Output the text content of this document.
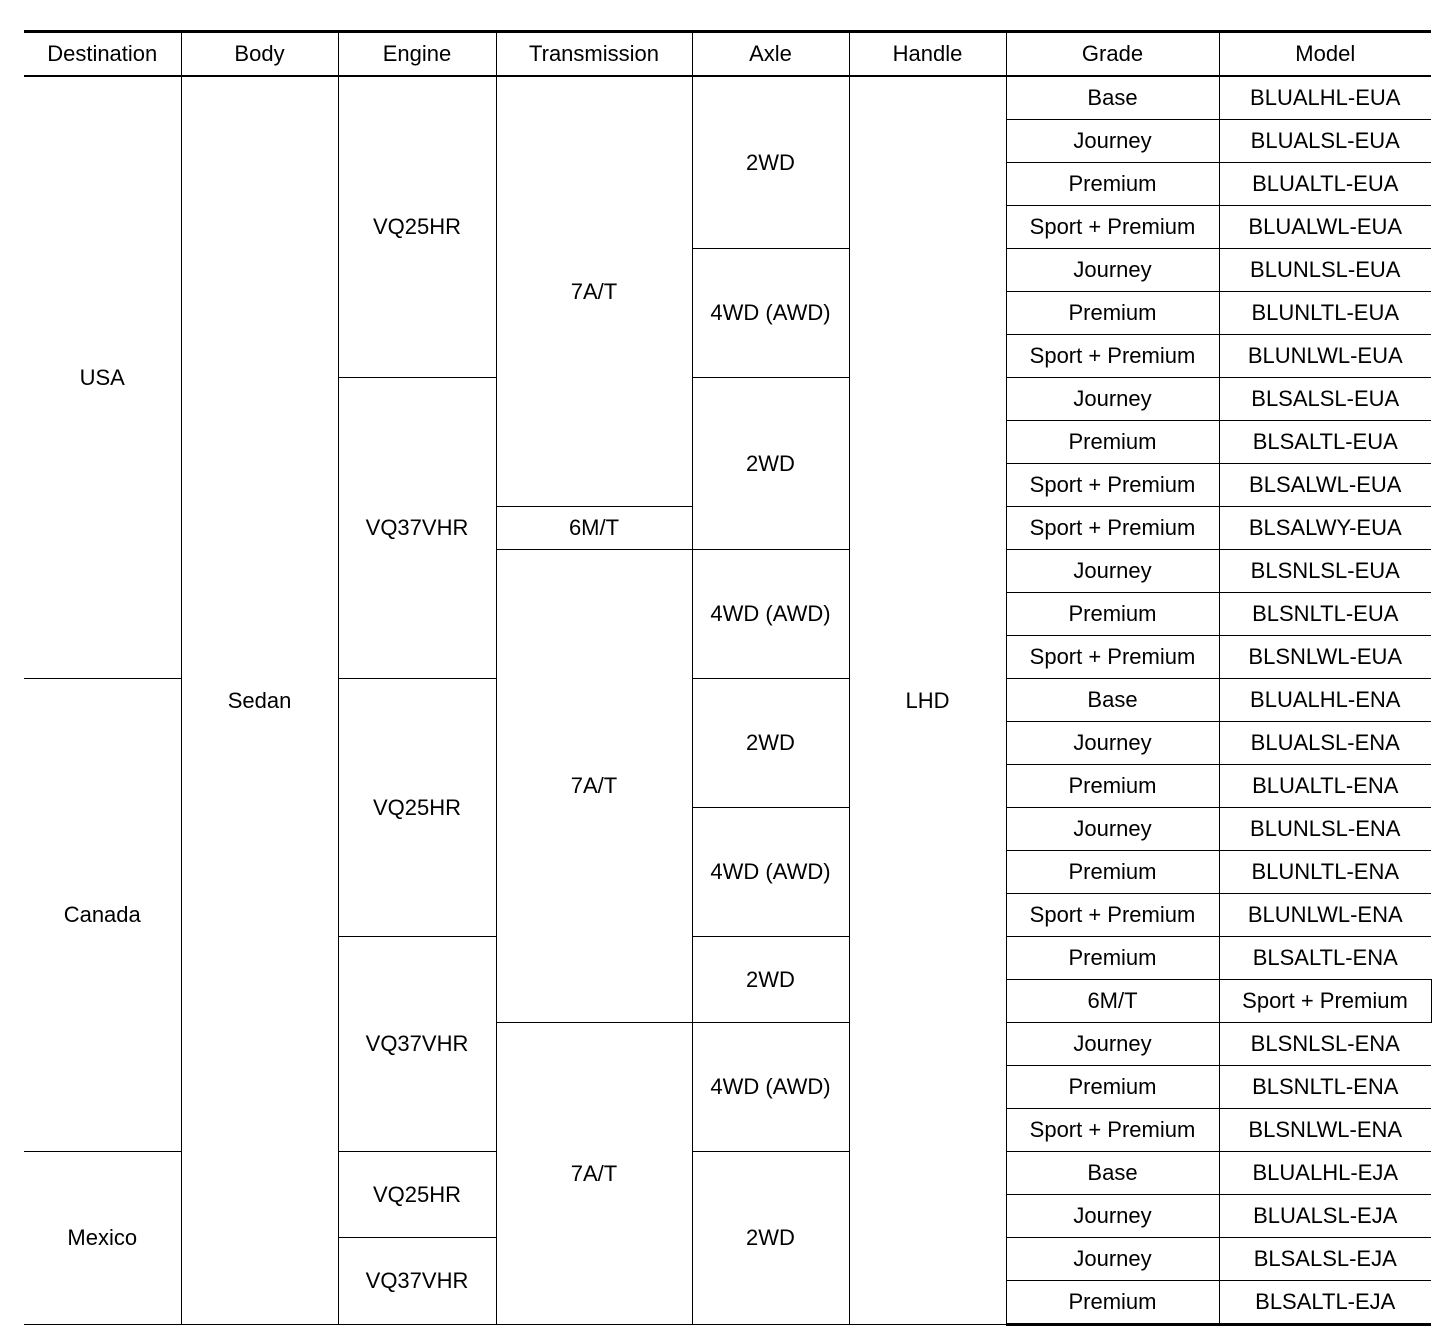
Destination	Body	Engine	Transmission	Axle	Handle	Grade	Model	
USA	Sedan	VQ25HR	7A/T	2WD	LHD	Base	BLUALHL-EUA	
						Journey	BLUALSL-EUA	
						Premium	BLUALTL-EUA	
						Sport + Premium	BLUALWL-EUA	
				4WD (AWD)		Journey	BLUNLSL-EUA	
						Premium	BLUNLTL-EUA	
						Sport + Premium	BLUNLWL-EUA	
		VQ37VHR		2WD		Journey	BLSALSL-EUA	
						Premium	BLSALTL-EUA	
						Sport + Premium	BLSALWL-EUA	
			6M/T			Sport + Premium	BLSALWY-EUA	
			7A/T	4WD (AWD)		Journey	BLSNLSL-EUA	
						Premium	BLSNLTL-EUA	
						Sport + Premium	BLSNLWL-EUA	
Canada		VQ25HR		2WD		Base	BLUALHL-ENA	
						Journey	BLUALSL-ENA	
						Premium	BLUALTL-ENA	
				4WD (AWD)		Journey	BLUNLSL-ENA	
						Premium	BLUNLTL-ENA	
						Sport + Premium	BLUNLWL-ENA	
		VQ37VHR		2WD		Premium	BLSALTL-ENA	
						6M/T	Sport + Premium	
			7A/T	4WD (AWD)		Journey	BLSNLSL-ENA	
						Premium	BLSNLTL-ENA	
						Sport + Premium	BLSNLWL-ENA	
Mexico		VQ25HR		2WD		Base	BLUALHL-EJA	
						Journey	BLUALSL-EJA	
		VQ37VHR				Journey	BLSALSL-EJA	
						Premium	BLSALTL-EJA	
